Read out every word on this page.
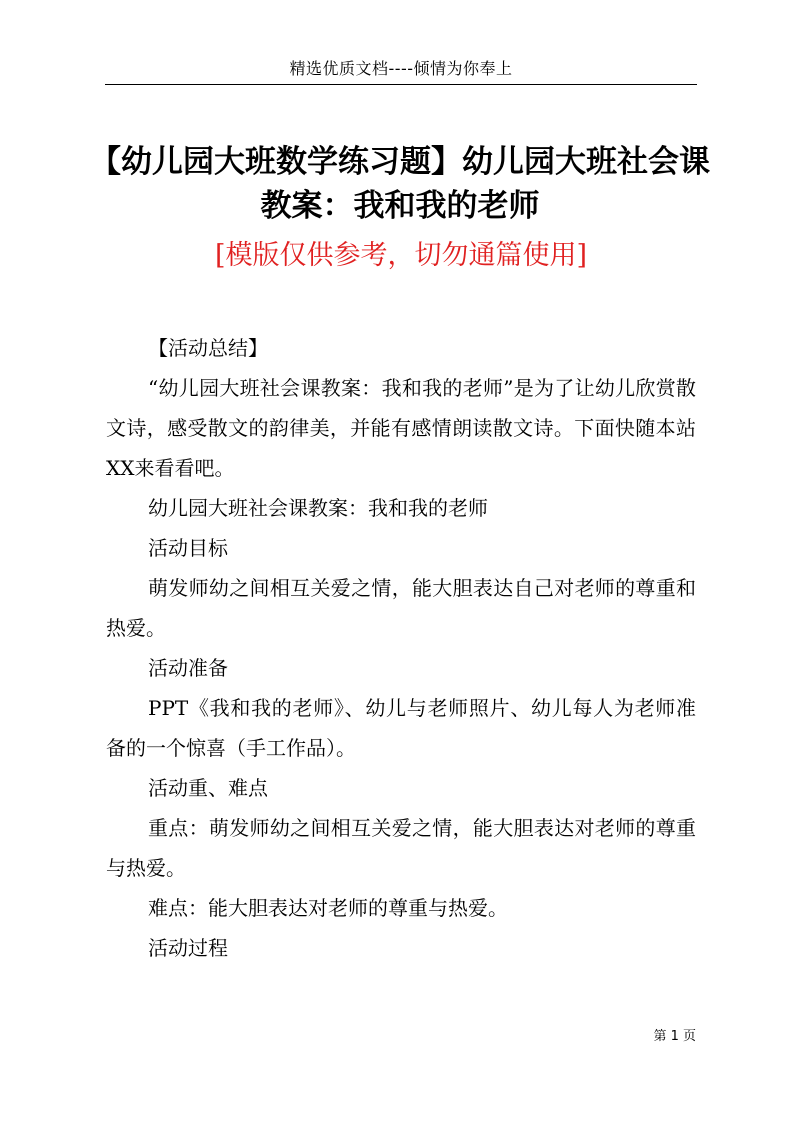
精选优质文档----倾情为你奉上
【幼儿园大班数学练习题】幼儿园大班社会课教案：我和我的老师
[模版仅供参考，切勿通篇使用]

【活动总结】

“幼儿园大班社会课教案：我和我的老师”是为了让幼儿欣赏散文诗，感受散文的韵律美，并能有感情朗读散文诗。下面快随本站XX来看看吧。

幼儿园大班社会课教案：我和我的老师

活动目标

萌发师幼之间相互关爱之情，能大胆表达自己对老师的尊重和热爱。

活动准备

PPT《我和我的老师》、幼儿与老师照片、幼儿每人为老师准备的一个惊喜（手工作品）。

活动重、难点

重点：萌发师幼之间相互关爱之情，能大胆表达对老师的尊重与热爱。

难点：能大胆表达对老师的尊重与热爱。

活动过程

第 1 页
